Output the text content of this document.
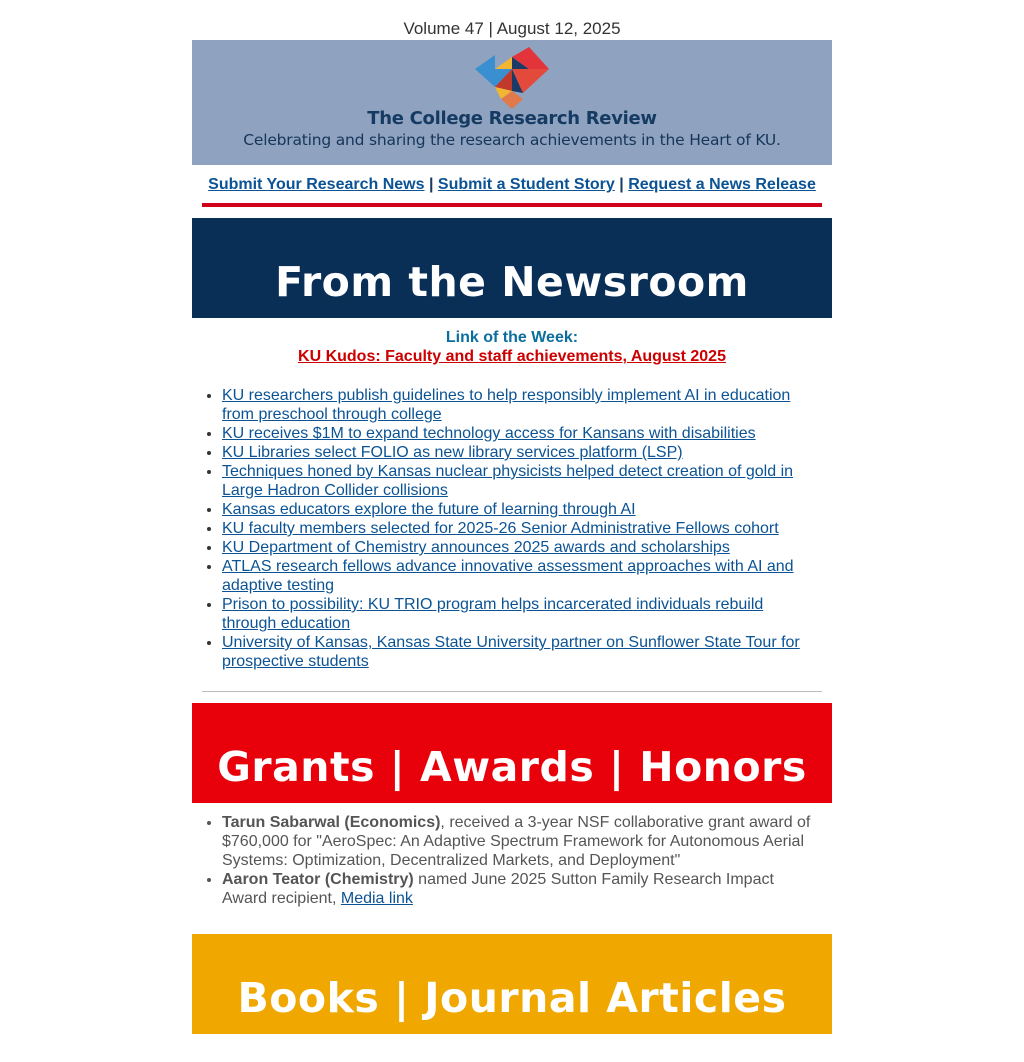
Volume 47 | August 12, 2025
The College Research Review
Celebrating and sharing the research achievements in the Heart of KU.
Submit Your Research News | Submit a Student Story | Request a News Release
From the Newsroom
Link of the Week:
KU Kudos: Faculty and staff achievements, August 2025
• KU researchers publish guidelines to help responsibly implement AI in education from preschool through college
• KU receives $1M to expand technology access for Kansans with disabilities
• KU Libraries select FOLIO as new library services platform (LSP)
• Techniques honed by Kansas nuclear physicists helped detect creation of gold in Large Hadron Collider collisions
• Kansas educators explore the future of learning through AI
• KU faculty members selected for 2025-26 Senior Administrative Fellows cohort
• KU Department of Chemistry announces 2025 awards and scholarships
• ATLAS research fellows advance innovative assessment approaches with AI and adaptive testing
• Prison to possibility: KU TRIO program helps incarcerated individuals rebuild through education
• University of Kansas, Kansas State University partner on Sunflower State Tour for prospective students
Grants | Awards | Honors
• Tarun Sabarwal (Economics), received a 3-year NSF collaborative grant award of $760,000 for "AeroSpec: An Adaptive Spectrum Framework for Autonomous Aerial Systems: Optimization, Decentralized Markets, and Deployment"
• Aaron Teator (Chemistry) named June 2025 Sutton Family Research Impact Award recipient, Media link
Books | Journal Articles
